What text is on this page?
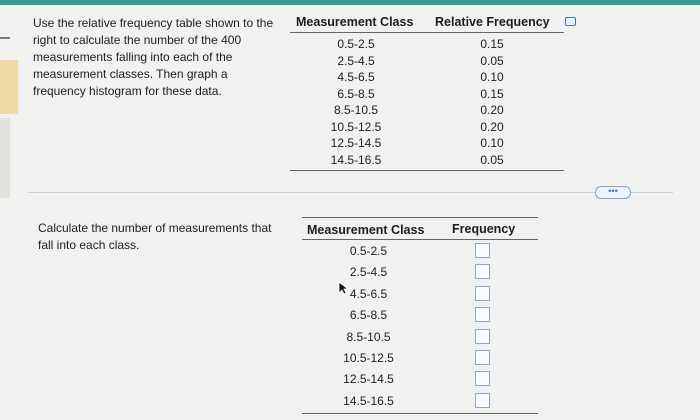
Use the relative frequency table shown to the right to calculate the number of the 400 measurements falling into each of the measurement classes. Then graph a frequency histogram for these data.
Measurement Class Relative Frequency
0.5-2.5	0.15
2.5-4.5	0.05
4.5-6.5	0.10
6.5-8.5	0.15
8.5-10.5	0.20
10.5-12.5	0.20
12.5-14.5	0.10
14.5-16.5	0.05
•••
Calculate the number of measurements that fall into each class.
Measurement Class Frequency
0.5-2.5
2.5-4.5
4.5-6.5
6.5-8.5
8.5-10.5
10.5-12.5
12.5-14.5
14.5-16.5
